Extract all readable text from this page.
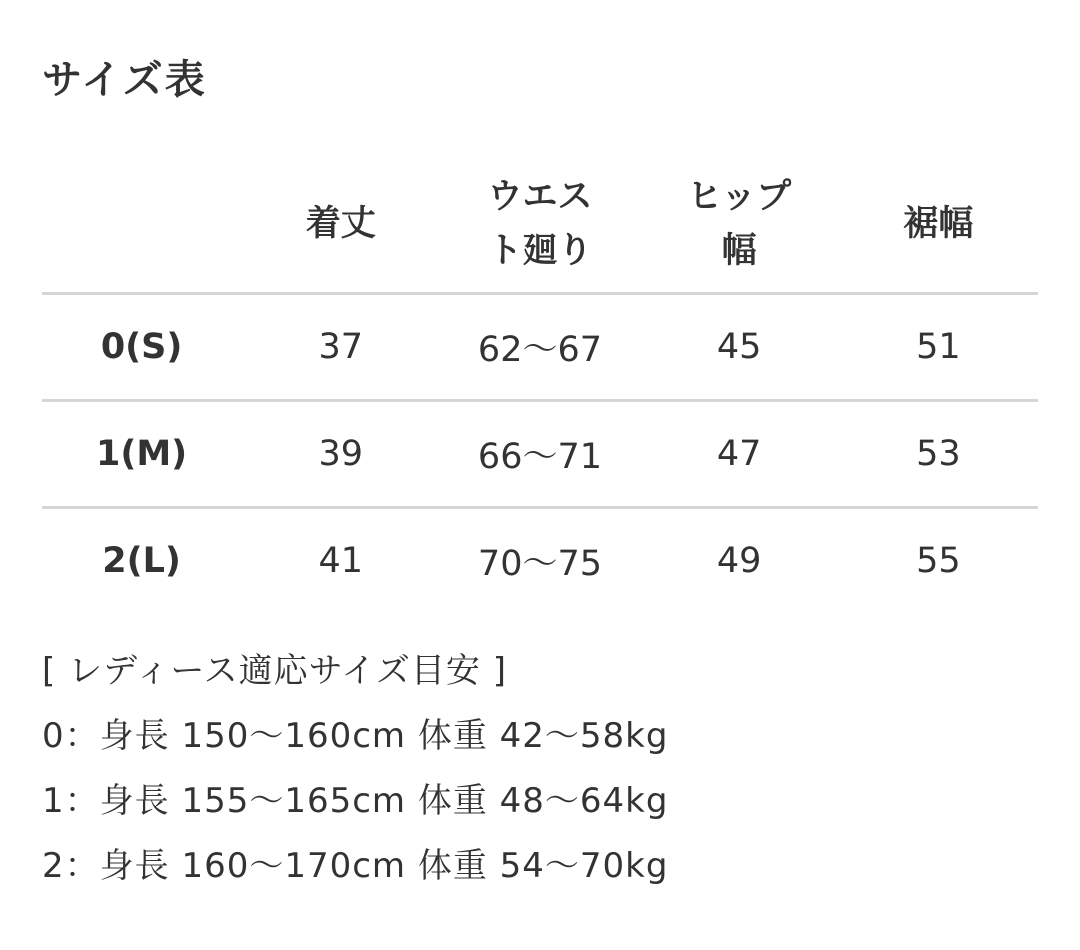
サイズ表
	着丈	ウエスト廻り	ヒップ幅	裾幅
0(S)	37	62〜67	45	51
1(M)	39	66〜71	47	53
2(L)	41	70〜75	49	55

[ レディース適応サイズ目安 ]

0：身長 150〜160cm 体重 42〜58kg

1：身長 155〜165cm 体重 48〜64kg

2：身長 160〜170cm 体重 54〜70kg
